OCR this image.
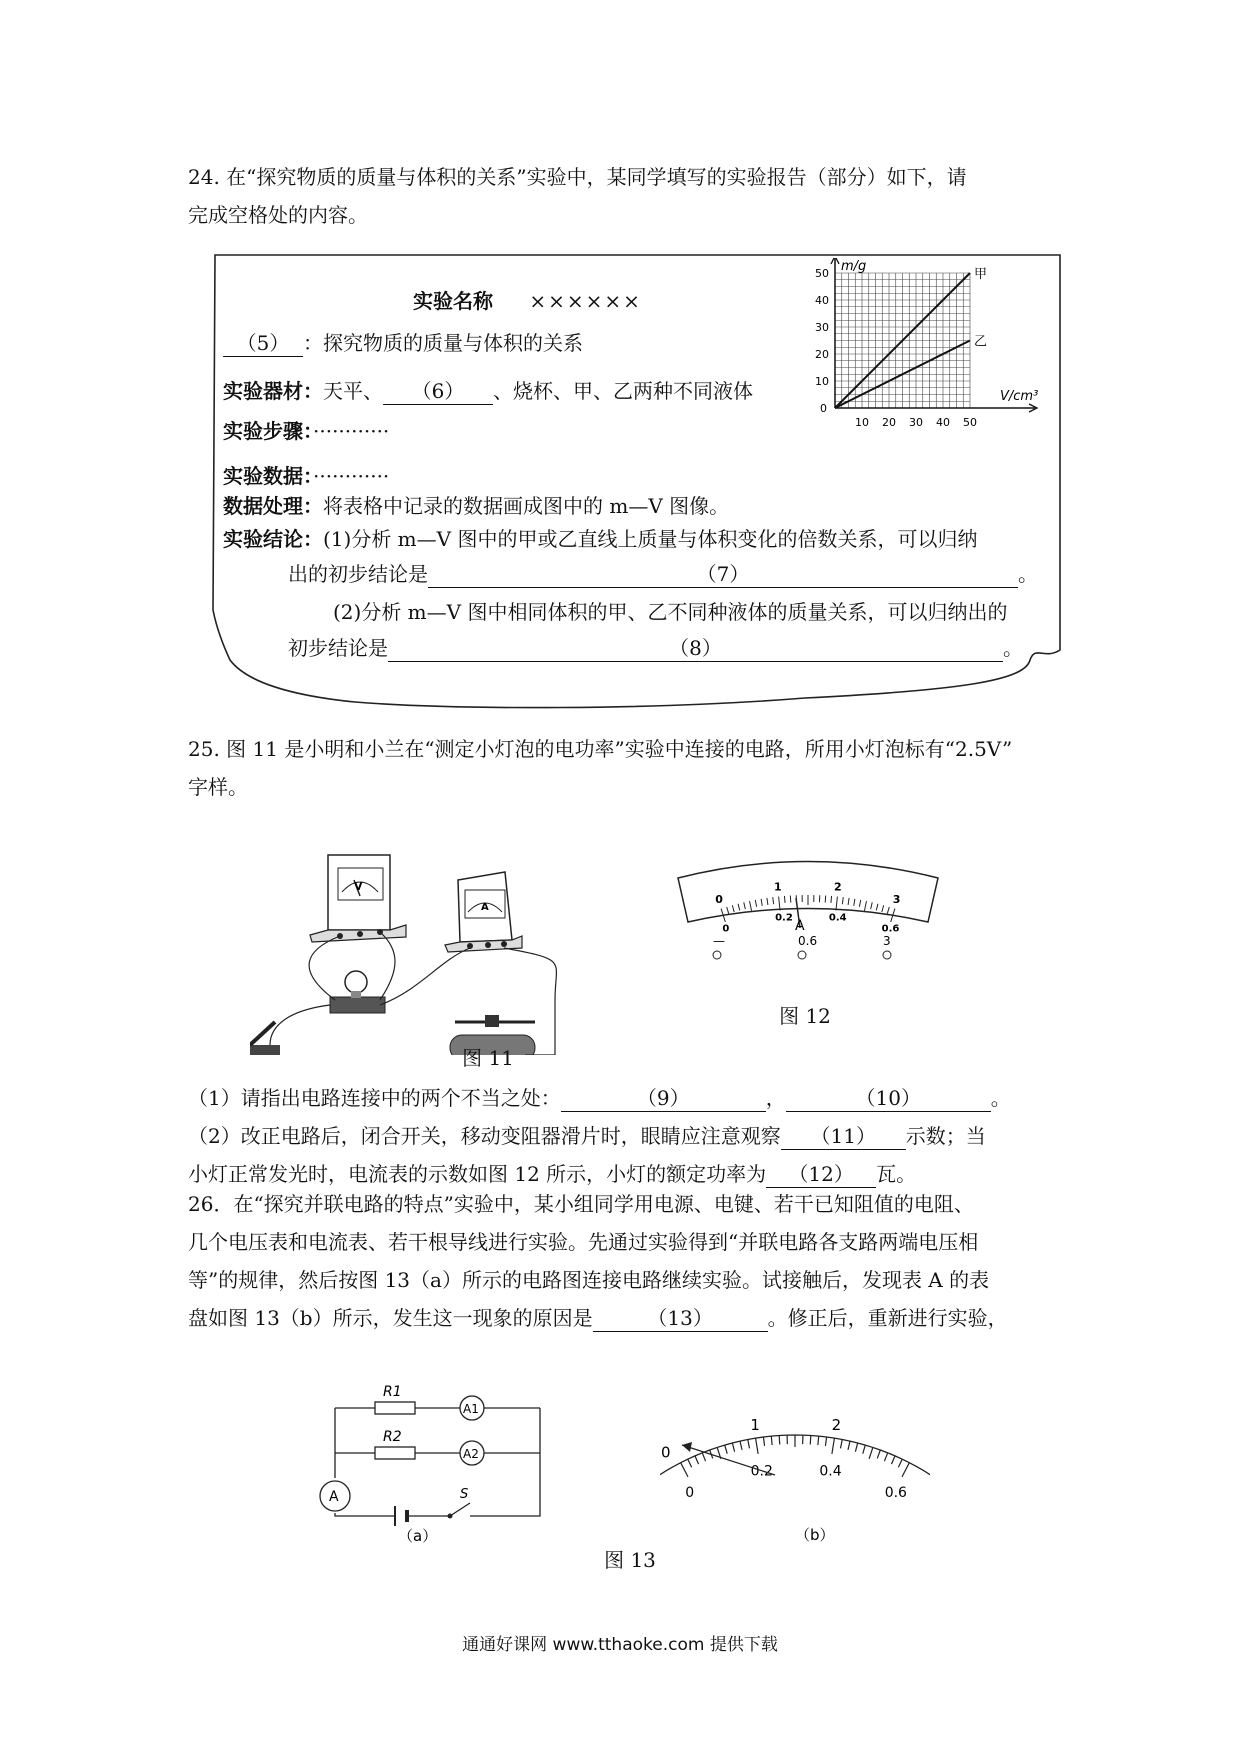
24. 在“探究物质的质量与体积的关系”实验中，某同学填写的实验报告（部分）如下，请
完成空格处的内容。
实验名称 ××××××
（5） ：探究物质的质量与体积的关系
实验器材：天平、 （6） 、烧杯、甲、乙两种不同液体
实验步骤：············
实验数据：············
数据处理：将表格中记录的数据画成图中的 m—V 图像。
实验结论：(1)分析 m—V 图中的甲或乙直线上质量与体积变化的倍数关系，可以归纳
出的初步结论是	（7）	。
(2)分析 m—V 图中相同体积的甲、乙不同种液体的质量关系，可以归纳出的
初步结论是	（8）	。
10 20 30 40 50
10
20
30
40
50
0
甲
乙
m/g
V/cm³
25. 图 11 是小明和小兰在“测定小灯泡的电功率”实验中连接的电路，所用小灯泡标有“2.5V”
字样。
V
A
图 11
0
1	2
3
0
0.2	0.4
0.6
A
—	0.6	3
图 12
（1）请指出电路连接中的两个不当之处：	（9）	，	（10）	。
（2）改正电路后，闭合开关，移动变阻器滑片时，眼睛应注意观察 （11） 示数；当
小灯正常发光时，电流表的示数如图 12 所示，小灯的额定功率为 （12） 瓦。
26．在“探究并联电路的特点”实验中，某小组同学用电源、电键、若干已知阻值的电阻、
几个电压表和电流表、若干根导线进行实验。先通过实验得到“并联电路各支路两端电压相
等”的规律，然后按图 13（a）所示的电路图连接电路继续实验。试接触后，发现表 A 的表
盘如图 13（b）所示，发生这一现象的原因是	（13）	。修正后，重新进行实验，
R1
R2
A1
A2
A	S
（a）
1	2
0
0
0.2	0.4
0.6
（b）
图 13
通通好课网 www.tthaoke.com 提供下载
